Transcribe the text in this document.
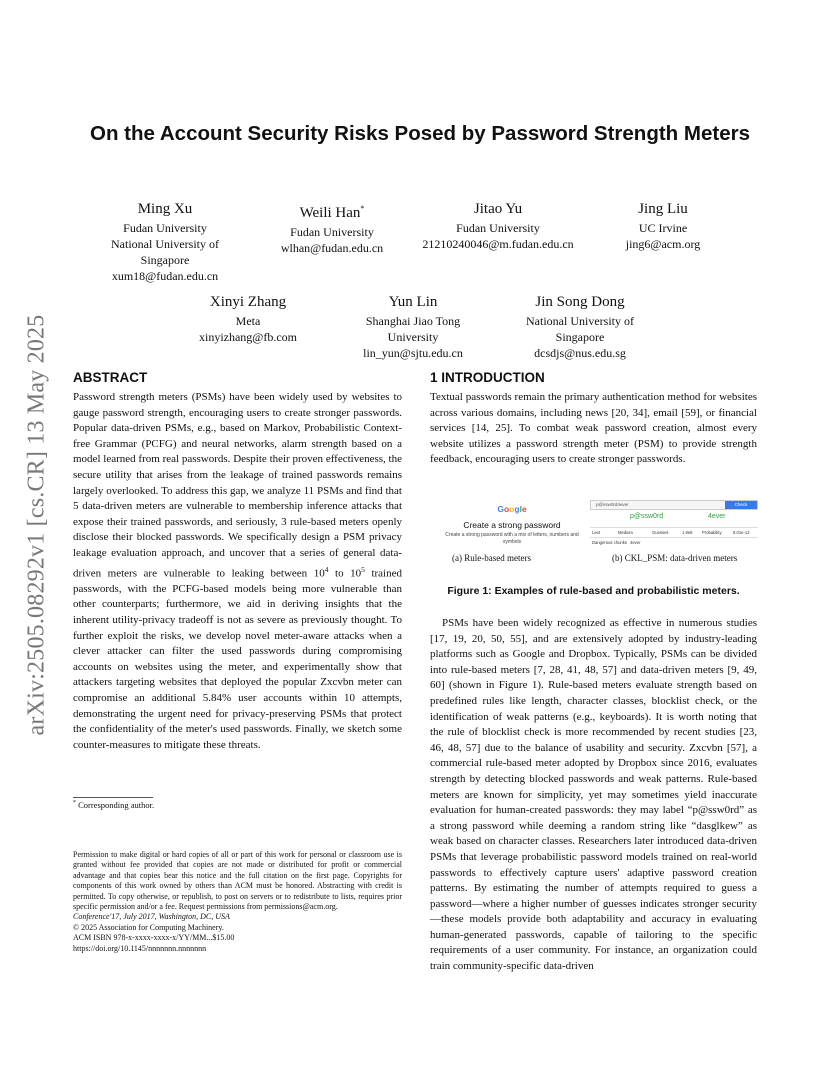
arXiv:2505.08292v1 [cs.CR] 13 May 2025
On the Account Security Risks Posed by Password Strength Meters
Ming Xu
Fudan University
National University of
Singapore
xum18@fudan.edu.cn
Weili Han*
Fudan University
wlhan@fudan.edu.cn
Jitao Yu
Fudan University
21210240046@m.fudan.edu.cn
Jing Liu
UC Irvine
jing6@acm.org
Xinyi Zhang
Meta
xinyizhang@fb.com
Yun Lin
Shanghai Jiao Tong
University
lin_yun@sjtu.edu.cn
Jin Song Dong
National University of
Singapore
dcsdjs@nus.edu.sg
ABSTRACT

Password strength meters (PSMs) have been widely used by websites to gauge password strength, encouraging users to create stronger passwords. Popular data-driven PSMs, e.g., based on Markov, Probabilistic Context-free Grammar (PCFG) and neural networks, alarm strength based on a model learned from real passwords. Despite their proven effectiveness, the secure utility that arises from the leakage of trained passwords remains largely overlooked. To address this gap, we analyze 11 PSMs and find that 5 data-driven meters are vulnerable to membership inference attacks that expose their trained passwords, and seriously, 3 rule-based meters openly disclose their blocked passwords. We specifically design a PSM privacy leakage evaluation approach, and uncover that a series of general data-driven meters are vulnerable to leaking between $10^4$ to $10^5$ trained passwords, with the PCFG-based models being more vulnerable than other counterparts; furthermore, we aid in deriving insights that the inherent utility-privacy tradeoff is not as severe as previously thought. To further exploit the risks, we develop novel meter-aware attacks when a clever attacker can filter the used passwords during compromising accounts on websites using the meter, and experimentally show that attackers targeting websites that deployed the popular Zxcvbn meter can compromise an additional 5.84% user accounts within 10 attempts, demonstrating the urgent need for privacy-preserving PSMs that protect the confidentiality of the meter's used passwords. Finally, we sketch some counter-measures to mitigate these threats.

* Corresponding author.

Permission to make digital or hard copies of all or part of this work for personal or classroom use is granted without fee provided that copies are not made or distributed for profit or commercial advantage and that copies bear this notice and the full citation on the first page. Copyrights for components of this work owned by others than ACM must be honored. Abstracting with credit is permitted. To copy otherwise, or republish, to post on servers or to redistribute to lists, requires prior specific permission and/or a fee. Request permissions from permissions@acm.org.

Conference'17, July 2017, Washington, DC, USA

© 2025 Association for Computing Machinery.

ACM ISBN 978-x-xxxx-xxxx-x/YY/MM...$15.00

https://doi.org/10.1145/nnnnnnn.nnnnnnn

1 INTRODUCTION

Textual passwords remain the primary authentication method for websites across various domains, including news [20, 34], email [59], or financial services [14, 25]. To combat weak password creation, almost every website utilizes a password strength meter (PSM) to provide strength feedback, encouraging users to create stronger passwords.

Google
Create a strong password
Create a strong password with a mix of letters, numbers and symbols
p@ssw0rd4ever	Check
p@ssw0rd	4ever
Leet	Medium	Guesses	1.9e6 Probability	5.01e-12
Dangerous chunks 4ever
(a) Rule-based meters	(b) CKL_PSM: data-driven meters
Figure 1: Examples of rule-based and probabilistic meters.

PSMs have been widely recognized as effective in numerous studies [17, 19, 20, 50, 55], and are extensively adopted by industry-leading platforms such as Google and Dropbox. Typically, PSMs can be divided into rule-based meters [7, 28, 41, 48, 57] and data-driven meters [9, 49, 60] (shown in Figure 1). Rule-based meters evaluate strength based on predefined rules like length, character classes, blocklist check, or the identification of weak patterns (e.g., keyboards). It is worth noting that the rule of blocklist check is more recommended by recent studies [23, 46, 48, 57] due to the balance of usability and security. Zxcvbn [57], a commercial rule-based meter adopted by Dropbox since 2016, evaluates strength by detecting blocked passwords and weak patterns. Rule-based meters are known for simplicity, yet may sometimes yield inaccurate evaluation for human-created passwords: they may label “p@ssw0rd” as a strong password while deeming a random string like “dasglkew” as weak based on character classes. Researchers later introduced data-driven PSMs that leverage probabilistic password models trained on real-world passwords to effectively capture users' adaptive password creation patterns. By estimating the number of attempts required to guess a password—where a higher number of guesses indicates stronger security—these models provide both adaptability and accuracy in evaluating human-generated passwords, capable of tailoring to the specific requirements of a user community. For instance, an organization could train community-specific data-driven
